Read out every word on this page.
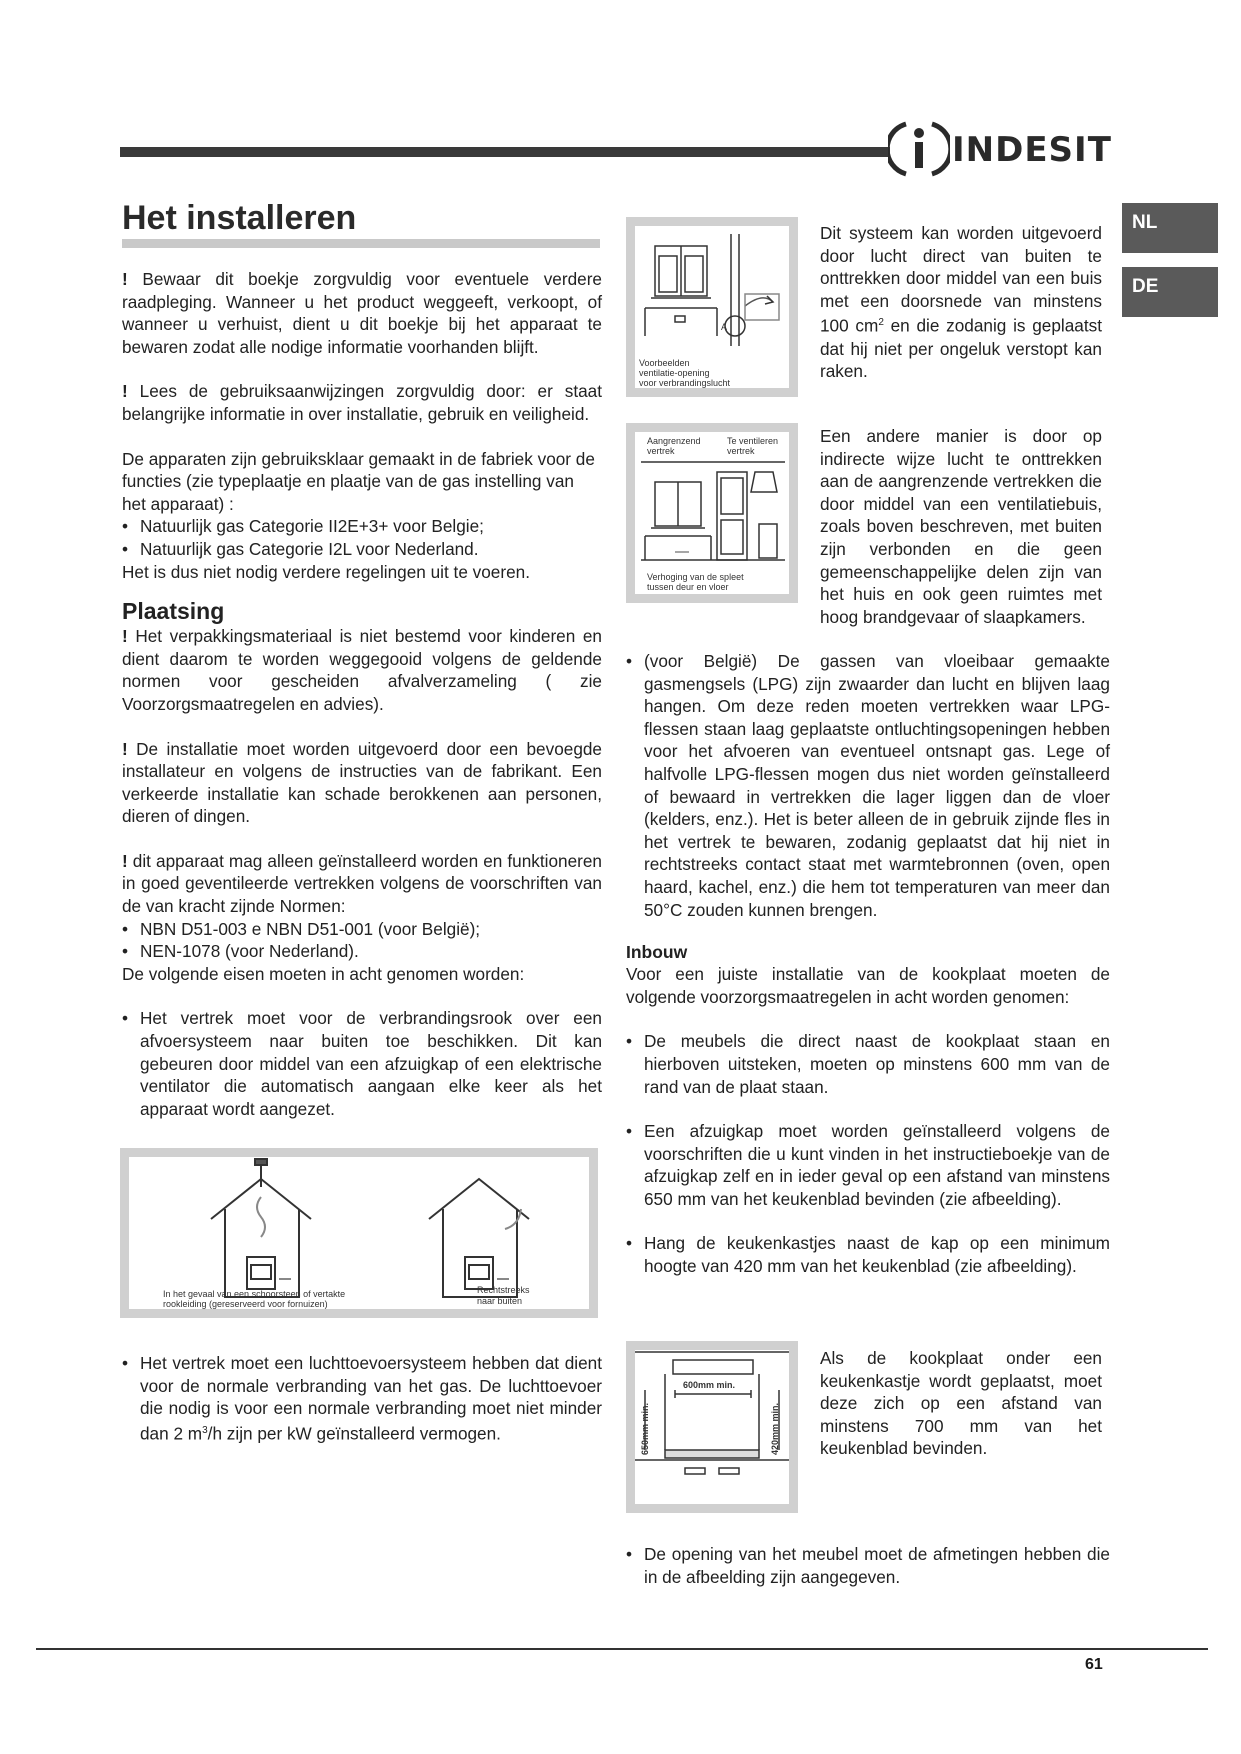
INDESIT
NL
DE
Het installeren

! Bewaar dit boekje zorgvuldig voor eventuele verdere raadpleging. Wanneer u het product weggeeft, verkoopt, of wanneer u verhuist, dient u dit boekje bij het apparaat te bewaren zodat alle nodige informatie voorhanden blijft.

! Lees de gebruiksaanwijzingen zorgvuldig door: er staat belangrijke informatie in over installatie, gebruik en veiligheid.

De apparaten zijn gebruiksklaar gemaakt in de fabriek voor de functies (zie typeplaatje en plaatje van de gas instelling van het apparaat) :

• Natuurlijk gas Categorie II2E+3+ voor Belgie;
• Natuurlijk gas Categorie I2L voor Nederland.

Het is dus niet nodig verdere regelingen uit te voeren.

Plaatsing

! Het verpakkingsmateriaal is niet bestemd voor kinderen en dient daarom te worden weggegooid volgens de geldende normen voor gescheiden afvalverzameling ( zie Voorzorgsmaatregelen en advies).

! De installatie moet worden uitgevoerd door een bevoegde installateur en volgens de instructies van de fabrikant. Een verkeerde installatie kan schade berokkenen aan personen, dieren of dingen.

! dit apparaat mag alleen geïnstalleerd worden en funktioneren in goed geventileerde vertrekken volgens de voorschriften van de van kracht zijnde Normen:

• NBN D51-003 e NBN D51-001 (voor België);
• NEN-1078 (voor Nederland).

De volgende eisen moeten in acht genomen worden:

• Het vertrek moet voor de verbrandingsrook over een afvoersysteem naar buiten toe beschikken. Dit kan gebeuren door middel van een afzuigkap of een elektrische ventilator die automatisch aangaan elke keer als het apparaat wordt aangezet.
In het gevaal van een schoorsteen of vertakte rookleiding (gereserveerd voor fornuizen)
Rechtstreeks
naar buiten
• Het vertrek moet een luchttoevoersysteem hebben dat dient voor de normale verbranding van het gas. De luchttoevoer die nodig is voor een normale verbranding moet niet minder dan 2 $m^3/h$ zijn per kW geïnstalleerd vermogen.
A
Voorbeelden
ventilatie-opening
voor verbrandingslucht
Dit systeem kan worden uitgevoerd door lucht direct van buiten te onttrekken door middel van een buis met een doorsnede van minstens 100 $cm^2$ en die zodanig is geplaatst dat hij niet per ongeluk verstopt kan raken.
Aangrenzend
vertrek
Te ventileren
vertrek
Verhoging van de spleet
tussen deur en vloer
Een andere manier is door op indirecte wijze lucht te onttrekken aan de aangrenzende vertrekken die door middel van een ventilatiebuis, zoals boven beschreven, met buiten zijn verbonden en die geen gemeenschappelijke delen zijn van het huis en ook geen ruimtes met hoog brandgevaar of slaapkamers.
• (voor België) De gassen van vloeibaar gemaakte gasmengsels (LPG) zijn zwaarder dan lucht en blijven laag hangen. Om deze reden moeten vertrekken waar LPG-flessen staan laag geplaatste ontluchtingsopeningen hebben voor het afvoeren van eventueel ontsnapt gas. Lege of halfvolle LPG-flessen mogen dus niet worden geïnstalleerd of bewaard in vertrekken die lager liggen dan de vloer (kelders, enz.). Het is beter alleen de in gebruik zijnde fles in het vertrek te bewaren, zodanig geplaatst dat hij niet in rechtstreeks contact staat met warmtebronnen (oven, open haard, kachel, enz.) die hem tot temperaturen van meer dan 50°C zouden kunnen brengen.
Inbouw

Voor een juiste installatie van de kookplaat moeten de volgende voorzorgsmaatregelen in acht worden genomen:

• De meubels die direct naast de kookplaat staan en hierboven uitsteken, moeten op minstens 600 mm van de rand van de plaat staan.
• Een afzuigkap moet worden geïnstalleerd volgens de voorschriften die u kunt vinden in het instructieboekje van de afzuigkap zelf en in ieder geval op een afstand van minstens 650 mm van het keukenblad bevinden (zie afbeelding).
• Hang de keukenkastjes naast de kap op een minimum hoogte van 420 mm van het keukenblad (zie afbeelding).
600mm min.
650mm min.	420mm min.
Als de kookplaat onder een keukenkastje wordt geplaatst, moet deze zich op een afstand van minstens 700 mm van het keukenblad bevinden.
• De opening van het meubel moet de afmetingen hebben die in de afbeelding zijn aangegeven.
61
